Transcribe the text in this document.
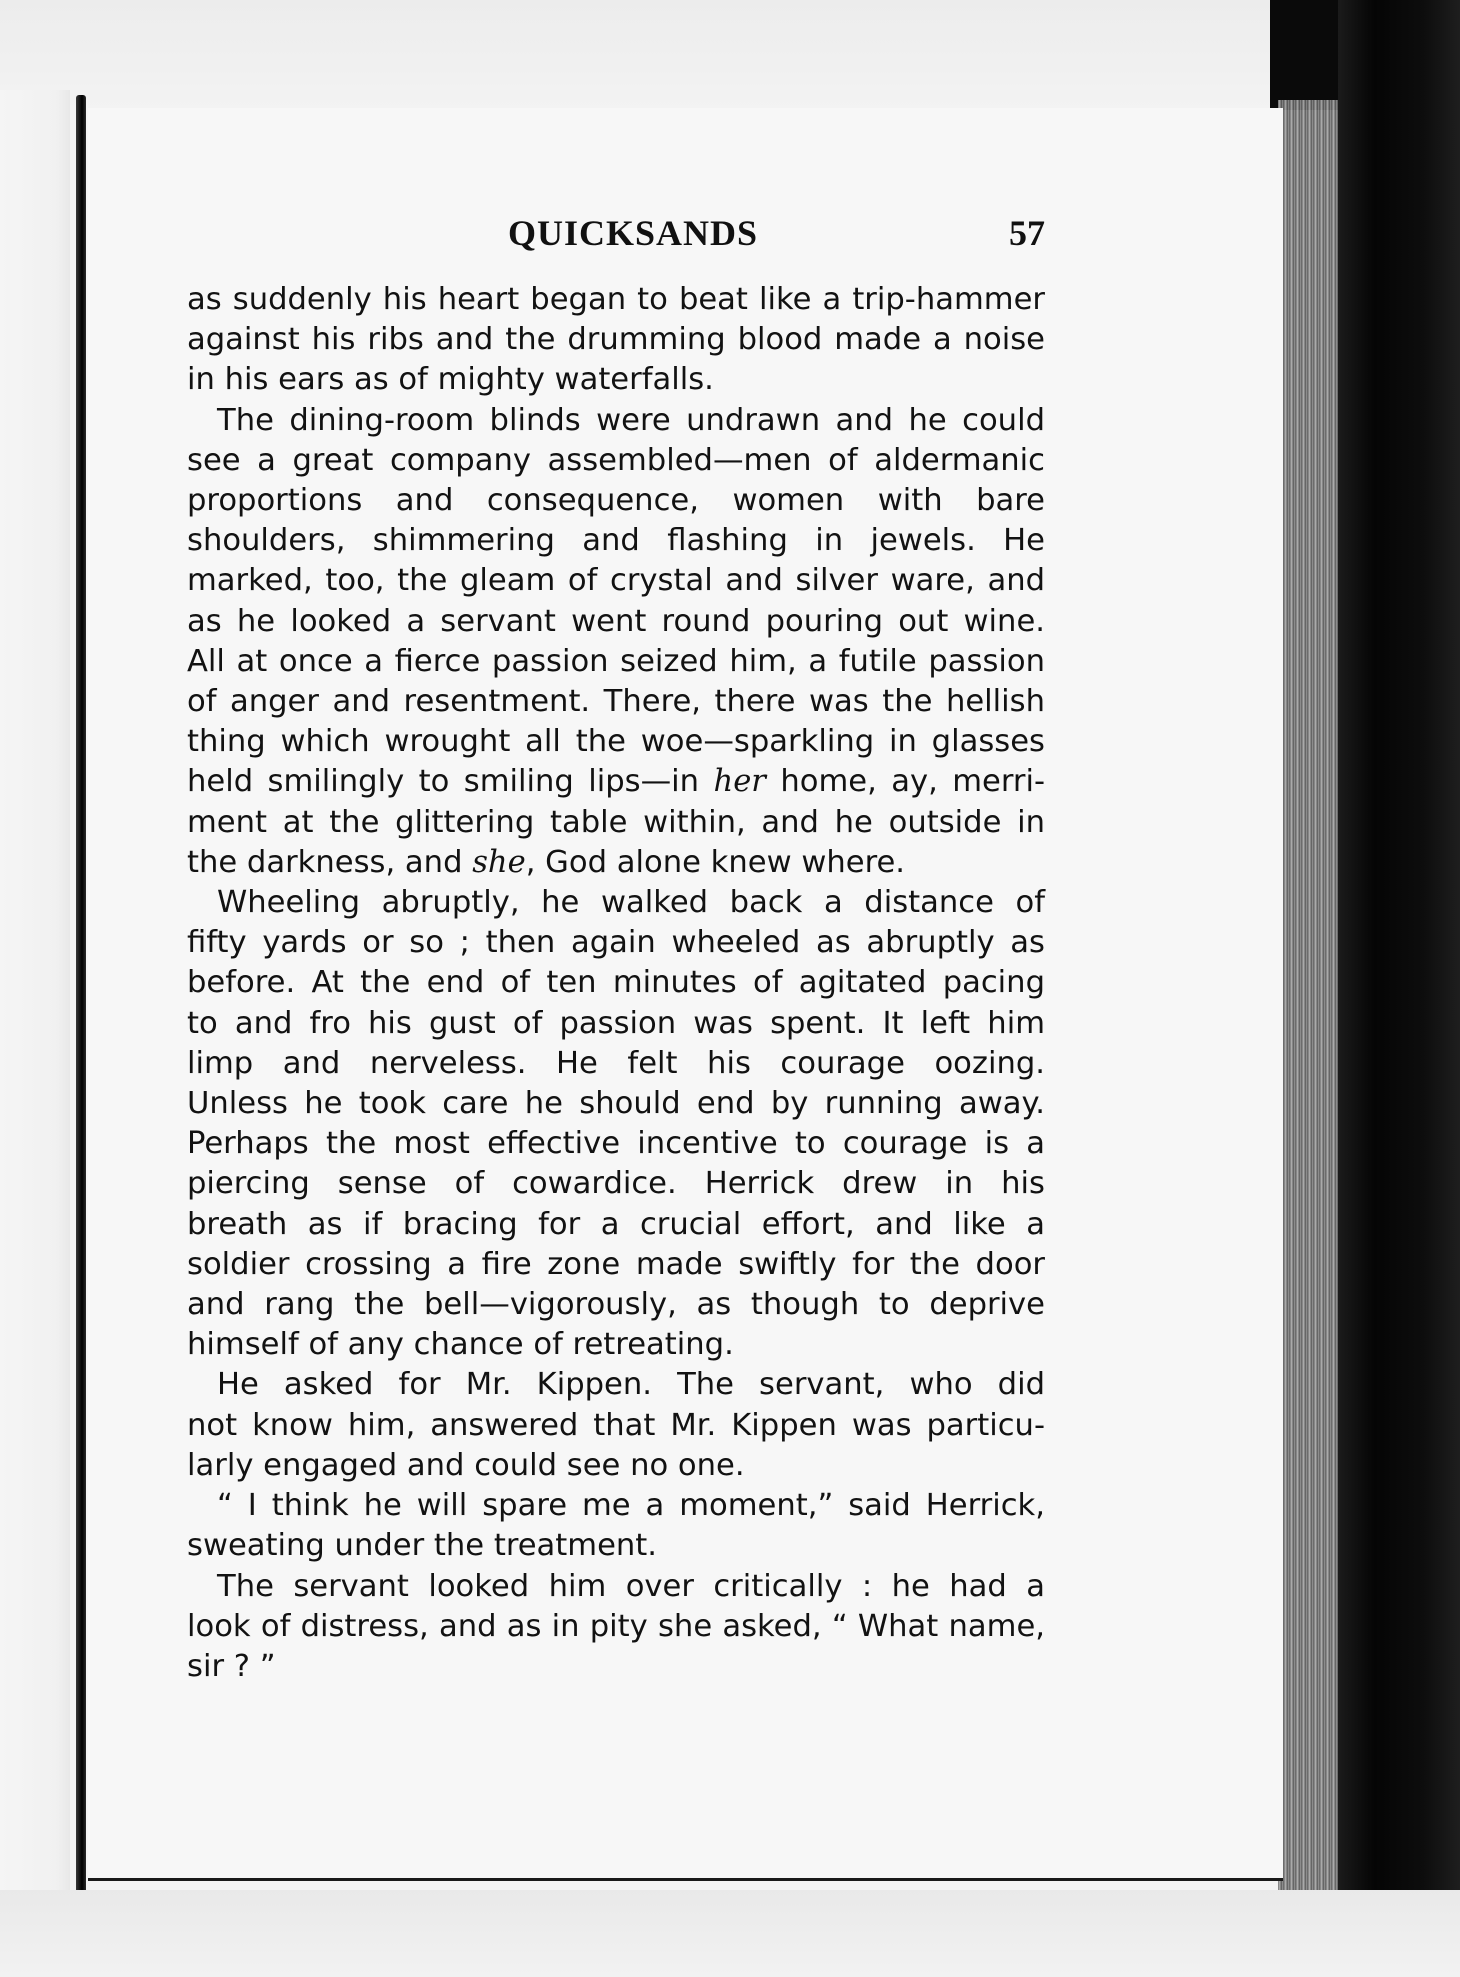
QUICKSANDS	57

as suddenly his heart began to beat like a trip-hammer
against his ribs and the drumming blood made a noise
in his ears as of mighty waterfalls.

The dining-room blinds were undrawn and he could
see a great company assembled—men of aldermanic
proportions and consequence, women with bare
shoulders, shimmering and flashing in jewels. He
marked, too, the gleam of crystal and silver ware, and
as he looked a servant went round pouring out wine.
All at once a fierce passion seized him, a futile passion
of anger and resentment. There, there was the hellish
thing which wrought all the woe—sparkling in glasses
held smilingly to smiling lips—in her home, ay, merri-
ment at the glittering table within, and he outside in
the darkness, and she, God alone knew where.

Wheeling abruptly, he walked back a distance of
fifty yards or so ; then again wheeled as abruptly as
before. At the end of ten minutes of agitated pacing
to and fro his gust of passion was spent. It left him
limp and nerveless. He felt his courage oozing.
Unless he took care he should end by running away.
Perhaps the most effective incentive to courage is a
piercing sense of cowardice. Herrick drew in his
breath as if bracing for a crucial effort, and like a
soldier crossing a fire zone made swiftly for the door
and rang the bell—vigorously, as though to deprive
himself of any chance of retreating.

He asked for Mr. Kippen. The servant, who did
not know him, answered that Mr. Kippen was particu-
larly engaged and could see no one.

“ I think he will spare me a moment,” said Herrick,
sweating under the treatment.

The servant looked him over critically : he had a
look of distress, and as in pity she asked, “ What name,
sir ? ”
